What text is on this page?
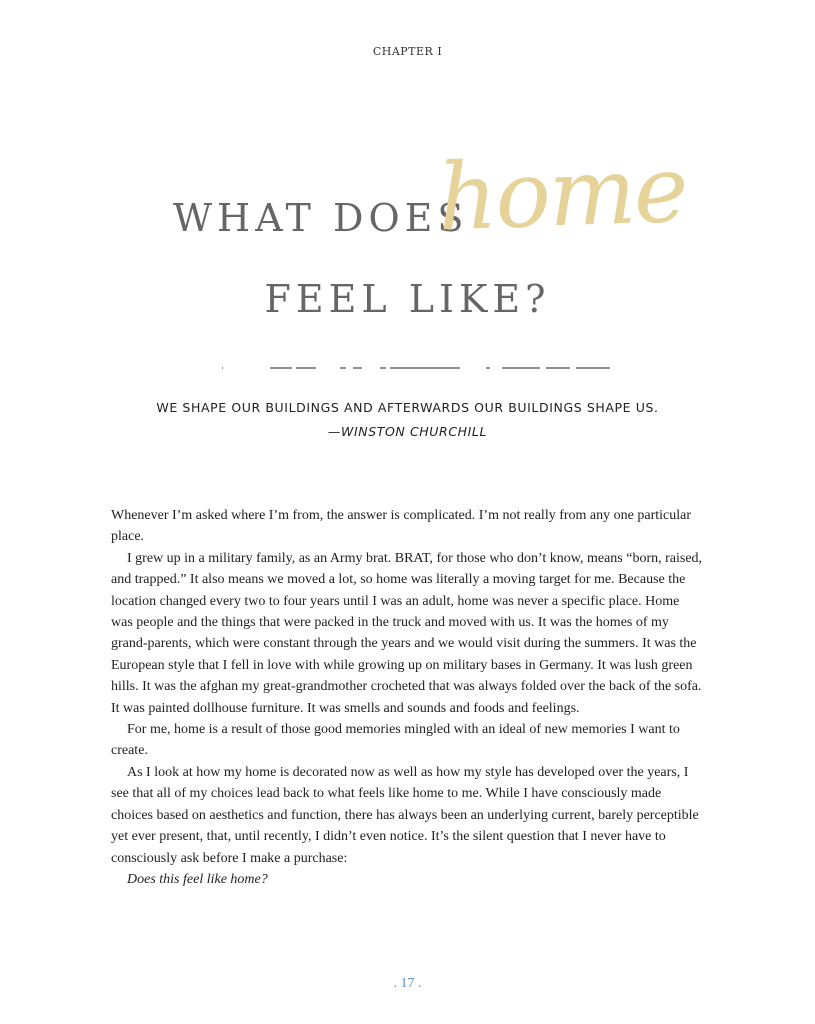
CHAPTER I
WHAT DOES
home
FEEL LIKE?
WE SHAPE OUR BUILDINGS AND AFTERWARDS OUR BUILDINGS SHAPE US.
—WINSTON CHURCHILL

Whenever I’m asked where I’m from, the answer is complicated. I’m not really from any one particular place.

I grew up in a military family, as an Army brat. BRAT, for those who don’t know, means “born, raised, and trapped.” It also means we moved a lot, so home was literally a moving target for me. Because the location changed every two to four years until I was an adult, home was never a specific place. Home was people and the things that were packed in the truck and moved with us. It was the homes of my grand-parents, which were constant through the years and we would visit during the summers. It was the European style that I fell in love with while growing up on military bases in Germany. It was lush green hills. It was the afghan my great-grandmother crocheted that was always folded over the back of the sofa. It was painted dollhouse furniture. It was smells and sounds and foods and feelings.

For me, home is a result of those good memories mingled with an ideal of new memories I want to create.

As I look at how my home is decorated now as well as how my style has developed over the years, I see that all of my choices lead back to what feels like home to me. While I have consciously made choices based on aesthetics and function, there has always been an underlying current, barely perceptible yet ever present, that, until recently, I didn’t even notice. It’s the silent question that I never have to consciously ask before I make a purchase:

Does this feel like home?

. 17 .
